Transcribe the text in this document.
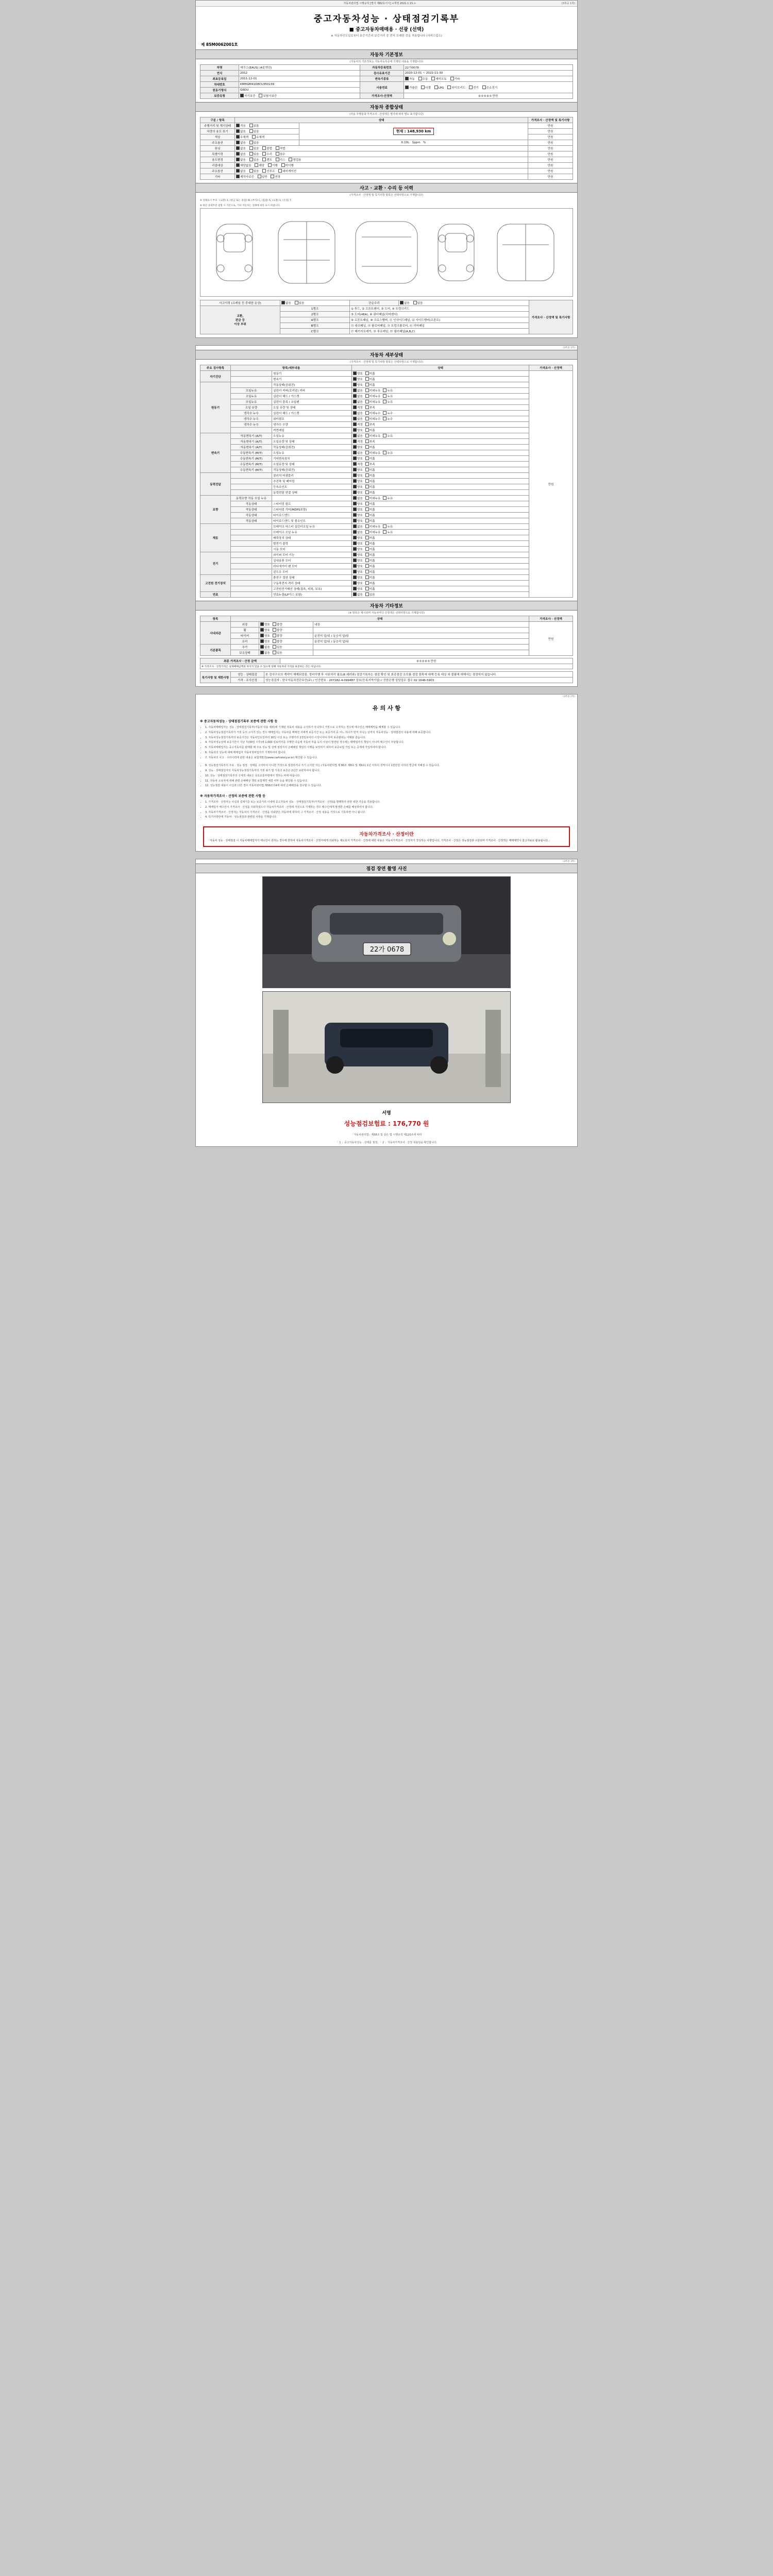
자동차관리법 시행규칙 [별지 제82호서식] <개정 2021.1.15.>	(3쪽중 1쪽)
중고자동차성능 · 상태점검기록부
■ 중고자동차매매용 · 선광 (선택)
※ 자동차인도일로부터 보증기간과 보증거리 중 먼저 도래한 것을 적용합니다 (서비스업소)
제 85M0062001호
자동차 기본정보
(자동차의 기본정보는 자동차등록증에 기재된 내용을 기재합니다)
차명	에쿠스(EAUS) (4륜엔진)	자동차등록번호	22가0078
연식	2012	검사유효기간	2020-12-01 ~ 2022-11-30
최초등록일	2011-12-01	변속기종류	자동 수동 세미오토 기타
차대번호	KMHGM41D8CU350239	사용연료	가솔린 디젤 LPG 하이브리드 전기 수소전기
원동기형식	G6DU		
보증유형	자기보증 보험사보증	가격조사·산정액	0 0 0 0 0 만원
자동차 종합상태
(사용 주행울과 가격조사 · 산정액은 별지에 따라 별도 표기합니다)
구분 / 항목	상태		가격조사 · 산정액 및 특기사항
주행거리 및 계기상태	적음 보통	현재 : 148,930 km	만원
차량의 용도 표기	없음 있음		만원
색상	무채색 유채색		만원
주요옵션	없음 있음	0.10L 1ppm %	만원
튜닝	없음 있음 불법 적법		만원
특별이력	없음 있음 수리 침수		만원
용도변경	없음 있음 렌트 리스 영업용		만원
리콜대상	해당없음 해당 이행 미이행		만원
주요옵션	없음 있음 선루프 네비게이션		만원
기타	제작사보증 일반 연장		만원
사고 · 교환 · 수리 등 이력
(가격조사 · 산정액 및 특기사항 항목은 선택사항으로 기재합니다)
※ 상태표시 부호 : (교환) X, (판금 또는 용접) W, (부식) C, (흠집) A, (요철) U, (손상) T
※ 하단 상세부분 설명 시 기준으로, 기타 자동차는 상태에 따라 표시 바랍니다.
사고이력 (프레임 등 중대한 손상)	없음 있음	단순수리	없음 있음	가격조사 · 산정액 및 특기사항
교환,
판금 등
이상 부위	1랭크	① 후드, ② 프론트펜더, ③ 도어, ④ 트렁크리드		
	2랭크	⑤ 도어(4EA), ⑥ 쿼터패널(리어펜더)		
	A랭크	⑨ 프론트패널, ⑩ 크로스멤버, ⑪ 인사이드패널, ⑫ 사이드멤버(프론트)		
	B랭크	⑬ 대쉬패널, ⑭ 플로어패널, ⑮ 트렁크플로어, ⑯ 리어패널		
	C랭크	⑰ 패키지트레이, ⑱ 루프레일, ⑲ 필러패널(A,B,C)		
(3쪽중 1쪽)
자동차 세부상태
(가격조사 · 산정액 및 특기사항 항목은 선택사항으로 기재합니다)
주요 검사항목	항목/세부내용		상태	가격조사 · 산정액
자기진단		원동기	양호 미흡	만원
		변속기	양호 미흡	
원동기		작동상태(공회전)	양호 미흡	
	오일누유	실린더 커버(로커암) 커버	없음 미세누유 누유	
	오일누유	실린더 헤드 / 가스켓	없음 미세누유 누유	
	오일누유	실린더 블록 / 오일팬	없음 미세누유 누유	
	오일 유량	오일 유량 및 상태	적정 부족	
	냉각수 누수	실린더 헤드 / 가스켓	없음 미세누수 누수	
	냉각수 누수	워터펌프	없음 미세누수 누수	
	냉각수 누수	냉각수 수량	적정 부족	
		커먼레일	양호 미흡	
변속기	자동변속기 (A/T)	오일누유	없음 미세누유 누유	
	자동변속기 (A/T)	오일유량 및 상태	적정 부족	
	자동변속기 (A/T)	작동상태(공회전)	양호 미흡	
	수동변속기 (M/T)	오일누유	없음 미세누유 누유	
	수동변속기 (M/T)	기어변속장치	양호 미흡	
	수동변속기 (M/T)	오일유량 및 상태	적정 부족	
	수동변속기 (M/T)	작동상태(공회전)	양호 미흡	
동력전달		클러치 어셈블리	양호 미흡	
		추진축 및 베어링	양호 미흡	
		등속조인트	양호 미흡	
		동력전달 연결 상태	양호 미흡	
조향	동력조향 작동 오일 누유		없음 미세누유 누유	
	작동상태	스티어링 펌프	양호 미흡	
	작동상태	스티어링 기어(MDPS포함)	양호 미흡	
	작동상태	타이로드엔드	양호 미흡	
	작동상태	타이로드앤드 및 볼조인트	양호 미흡	
제동		브레이크 마스터 실린더오일 누유	없음 미세누유 누유	
		브레이크 오일 누유	없음 미세누유 누유	
		배력장치 상태	양호 미흡	
		발전기 출력	양호 미흡	
		시동 모터	양호 미흡	
전기		와이퍼 모터 기능	양호 미흡	
		실내송풍 모터	양호 미흡	
		라디에이터 팬 모터	양호 미흡	
		윈도우 모터	양호 미흡	
고전원 전기장치		충전구 절연 상태	양호 미흡	
		구동축전지 격리 상태	양호 미흡	
		고전원전기배선 상태(접속, 피복, 보호)	양호 미흡	
연료		연료누출(LP가스 포함)	없음 있음	
자동차 기타정보
(※ 항목은 제시되며 자동차마다 산정액은 선택사항으로 기재합니다)
항목	상태			가격조사 · 산정액
사내외관	외장	양호 불량	내장	만원
	휠	양호 불량		
	타이어	양호 불량	운전석 앞/뒤 / 동승석 앞/뒤	
	유리	양호 불량	운전석 앞/뒤 / 동승석 앞/뒤	
기본품목	추가	없음 있음		
	보유상태	없음 있음		
최종 가격조사 · 산정 금액	0 0 0 0 0 만원
※ 가격조사 · 산정가격은 실제매매금액과 차이가 있을 수 있으며 당해 자동차의 가격을 보증하는 것은 아닙니다.
특기사항 및 제한사항	성능 · 상태점검	본 검사구조의 계약이 해제되었음. 정비이행 후 서류처리 필요(6 세러와) 점검기록부는 점검 확인 및 최종점검 소모품 점검 항목에 대해 등록 대상 외 물품에 대해서는 점검하지 않습니다.
	가격 · 조사산정	성능점검자 : 한국자동차진단보증(주) / 인증번호 : 207182-4-099487 상호(등록지역기업) / 신한은행 상담업무 접수 02 1646-5903
(3쪽중 2쪽)
유 의 사 항
※ 중고자동차성능 · 상태점검기록부 보증에 관한 사항 등
• 1. 자동차매매업자는 성능 · 상태점검기록부(자동차 내용 제외)에 기재된 자동차 내용을 고지하기 아니하나 거짓으로 고지하는 경우에 매수인은 매매계약을 해제할 수 있습니다.
• 2. 자동차성능점검기록부가 거짓 등의 고지가 있는 경우 매매업자는 자동차를 매매한 자에게 보증기간 또는 보증거리 중 어느 하나가 먼저 지나는 날까지 자동차성능 · 상태점검의 내용에 대해 보증합니다.
• 3. 자동차성능점검기록부의 보증기간은 자동차인도일부터 30일 이상 또는 주행거리 2천킬로미터 이상이어야 하며 보증범위는 아래와 같습니다.
• 4. 자동차성능상태 보증기간이 지난 후(30일 이후)에 1,000 킬로미터를 주행한 다음에 자동차 부품 등의 이상이 발견된 경우에는 매매업자의 책임이 아니며 매수인이 부담합니다.
• 5. 자동차매매업자는 중고자동차를 판매할 때 주요 성능 및 상태 점검자의 손해배상 책임의 이행을 보장하기 위하여 보증보험 가입 또는 공제에 가입하여야 합니다.
• 6. 자동차의 성능에 대해 매매업자 자동차정비업자가 기재하여야 합니다.
• 7. 자동차의 사고 · 수리이력에 관한 내용은 보험개발원(www.carhistory.or.kr) 확인할 수 있습니다.
• 8. 성능점검기록부의 주요 · 성능 점검 · 상태를 고지하지 아니한 거짓으로 점검하거나 자기 고지한 자는 (자동차관리법 제 80조 제8호 및 제9호) 1년 이하의 징역이나 1천만원 이하의 벌금에 처해질 수 있습니다.
• 9. 성능 · 상태점검자의 자동차성능점검기록부의 거짓 표기 및 기록의 보존은 2년간 보관하여야 합니다.
• 10. 성능 · 상태점검기록부의 구체적 내용은 국토교통부령에서 정하는 바에 따릅니다.
• 11. 자동차 소유자에 대해 관련 손해배상 책임 보험계약 체결 여부 등을 확인할 수 있습니다.
• 12. 성능점검 내용이 사실과 다른 경우 자동차관리법 제58조의4에 따라 손해배상을 청구할 수 있습니다.
※ 자동차가격조사 · 산정의 보증에 관한 사항 등
• 1. 가격조사 · 산정자는 사실과 설계기준 또는 보증거리 이내에 중고자동차 성능 · 상태점검기록부(가격조사 · 산정)을 발행하여 관한 위한 기준을 적용합니다.
• 2. 매매업자 매수인이 가격조사 · 산정을 의뢰하였으나 자동차가격조사 · 산정에 거짓으로 기재하는 경우 매수인에게 발생한 손해를 배상하여야 합니다.
• 3. 자동차가격조사 · 산정자는 자동차의 가격조사 · 산정을 의뢰받은 자동차에 대하여 그 가격조사 · 산정 내용을 거짓으로 기록하면 아니 됩니다.
• 4. 특기사항란에 자동차 · 성능점검과 관련된 사항을 기재합니다.
자동차가격조사 · 산정이란
「자동차 성능 · 상태점검 시 자동차매매업자가 매수인이 원하는 경우에 한하여 자동차가격조사 · 산정자에게 의뢰하는 제도로서 가격조사 · 산정에 대한 내용은 자동차가격조사 · 산정자가 작성하는 사항입니다. 가격조사 · 산정은 성능점검과 구분되며 가격조사 · 산정액은 매매계약시 참고자료로 활용됩니다.」
(3쪽중 3쪽)
점검 장면 촬영 사진
22가 0678
서명
성능점검보험료 : 176,770 원
「자동차관리법」제58조 및 같은 법 시행규칙 제120조에 따라
「 1 」중고자동차성능 · 상태를 점검, 「 2 」자동차가격조사 · 산정 내용임을 확인합니다.
